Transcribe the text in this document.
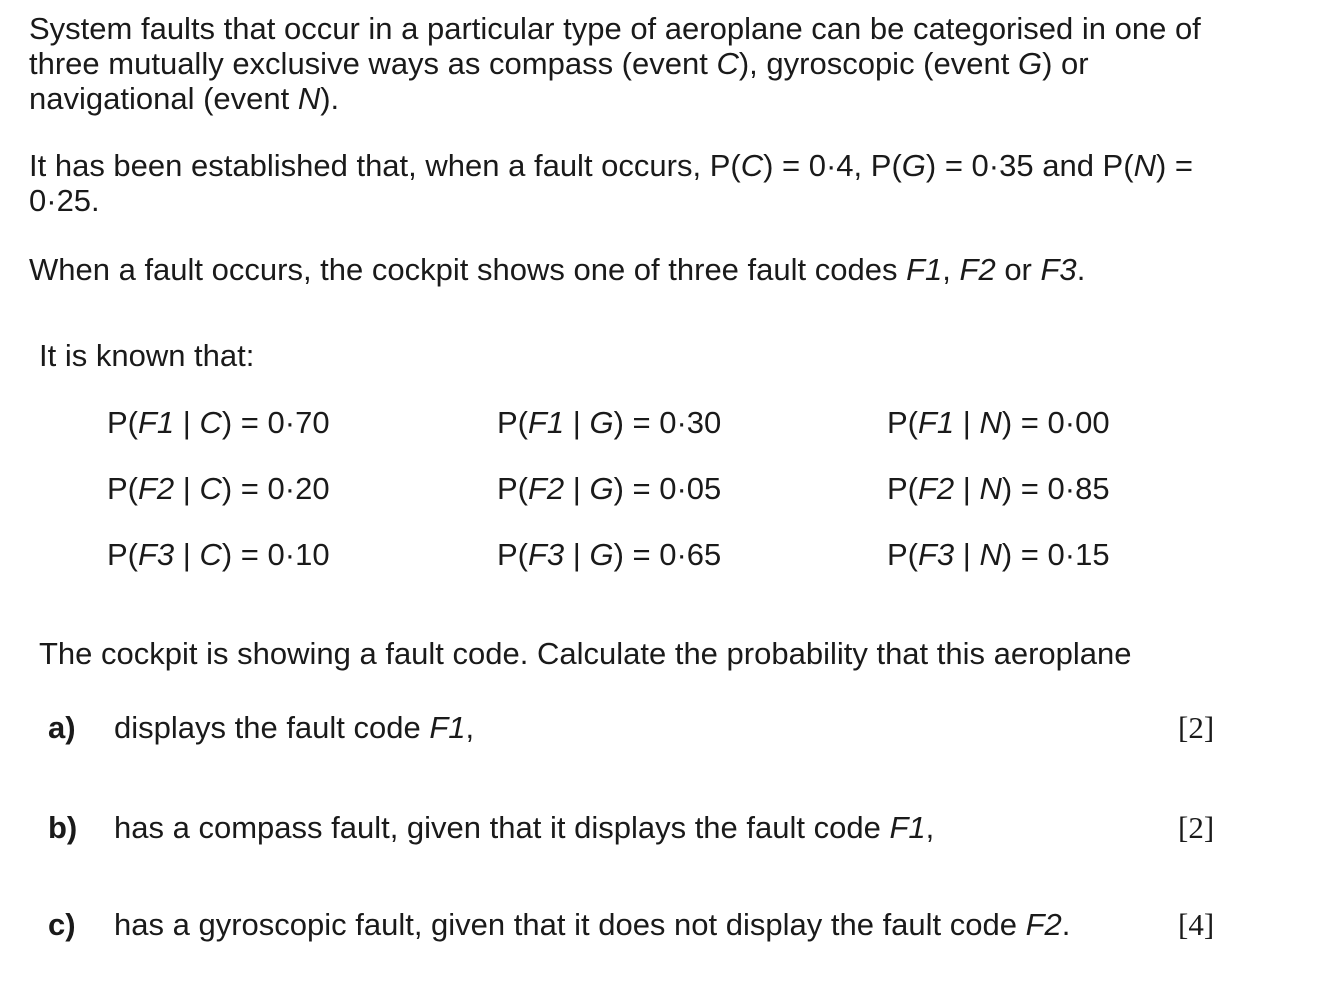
System faults that occur in a particular type of aeroplane can be categorised in one of three mutually exclusive ways as compass (event C), gyroscopic (event G) or navigational (event N).

It has been established that, when a fault occurs, P(C) = 0·4, P(G) = 0·35 and P(N) = 0·25.

When a fault occurs, the cockpit shows one of three fault codes F1, F2 or F3.

It is known that:

P(F1 | C) = 0·70	P(F1 | G) = 0·30	P(F1 | N) = 0·00
P(F2 | C) = 0·20	P(F2 | G) = 0·05	P(F2 | N) = 0·85
P(F3 | C) = 0·10	P(F3 | G) = 0·65	P(F3 | N) = 0·15

The cockpit is showing a fault code. Calculate the probability that this aeroplane

a) displays the fault code F1,	[2]
b) has a compass fault, given that it displays the fault code F1,	[2]
c) has a gyroscopic fault, given that it does not display the fault code F2.	[4]
